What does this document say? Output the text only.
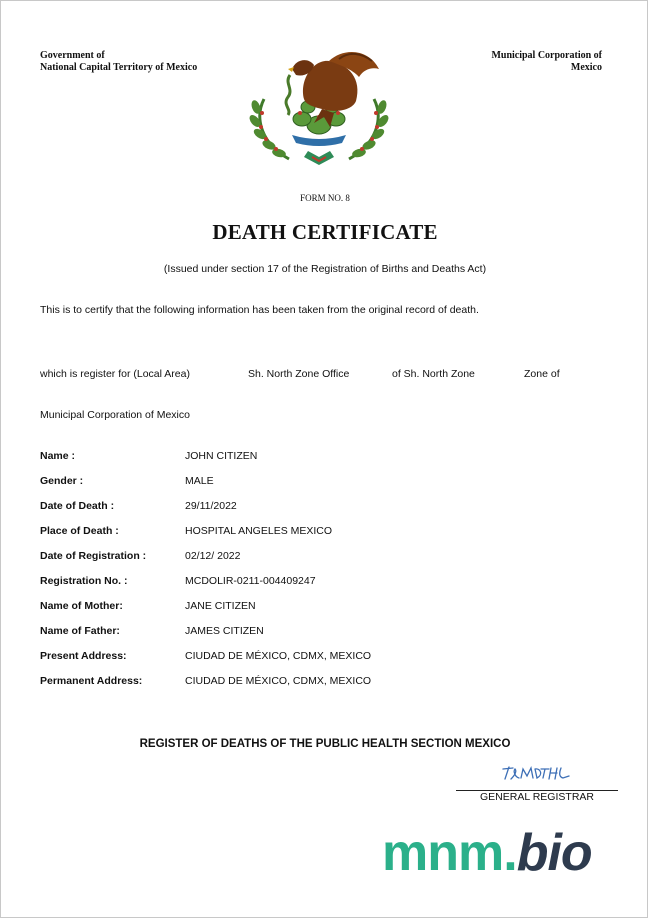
Government of
National Capital Territory of Mexico
Municipal Corporation of
Mexico
FORM NO. 8
DEATH CERTIFICATE
(Issued under section 17 of the Registration of Births and Deaths Act)
This is to certify that the following information has been taken from the original record of death.
which is register for (Local Area)	Sh. North Zone Office	of Sh. North Zone	Zone of
Municipal Corporation of Mexico
Name :	JOHN CITIZEN
Gender :	MALE
Date of Death :	29/11/2022
Place of Death :	HOSPITAL ANGELES MEXICO
Date of Registration :	02/12/ 2022
Registration No. :	MCDOLIR-0211-004409247
Name of Mother:	JANE CITIZEN
Name of Father:	JAMES CITIZEN
Present Address:	CIUDAD DE MÉXICO, CDMX, MEXICO
Permanent Address:	CIUDAD DE MÉXICO, CDMX, MEXICO
REGISTER OF DEATHS OF THE PUBLIC HEALTH SECTION MEXICO
GENERAL REGISTRAR
mnm.bio
